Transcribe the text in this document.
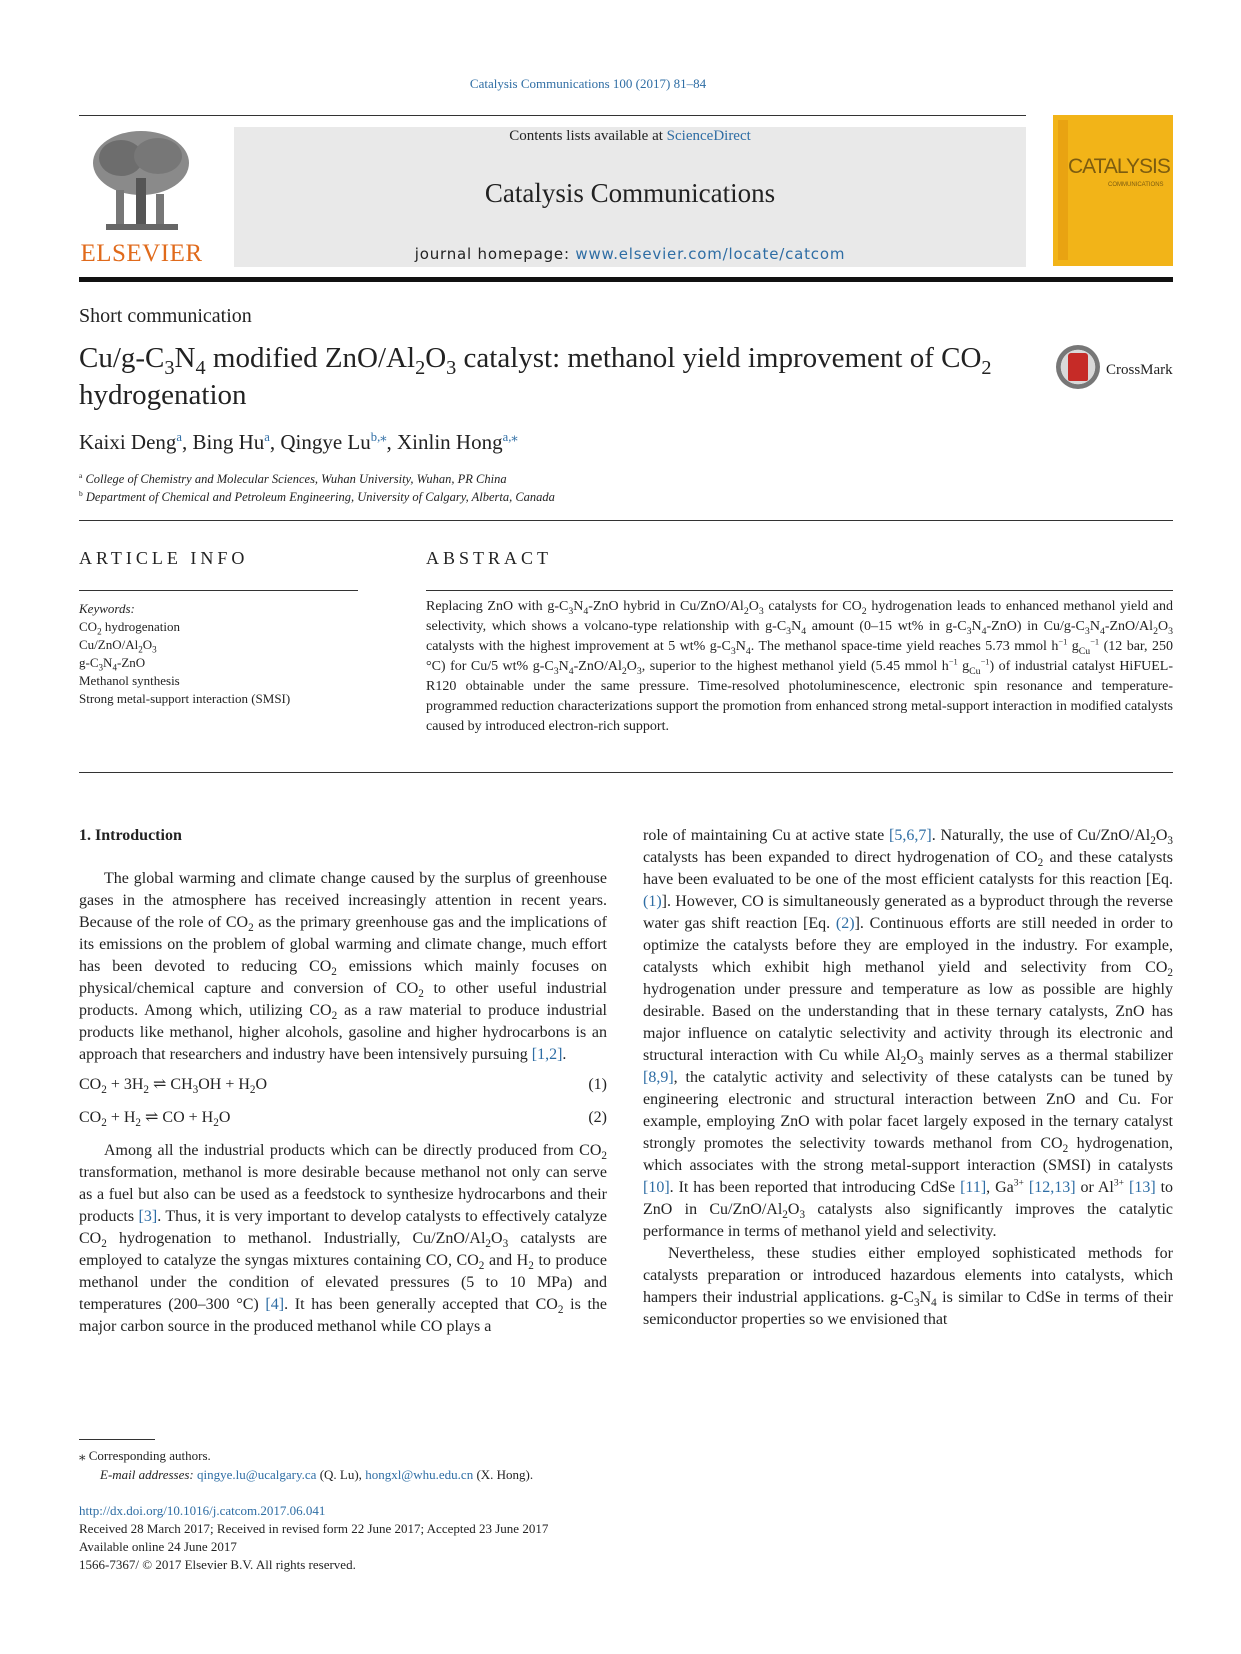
Catalysis Communications 100 (2017) 81–84
ELSEVIER
Contents lists available at ScienceDirect
Catalysis Communications
journal homepage: www.elsevier.com/locate/catcom
CATALYSIS
COMMUNICATIONS
Short communication
$Cu/g-C_3N_4$ modified ZnO/$Al_2O_3$ catalyst: methanol yield improvement of $CO_2$ hydrogenation
CrossMark
Kaixi Deng$^a$, Bing Hu$^a$, Qingye $Lu^{b,⁎}$, Xinlin Hong$^{a,⁎}$
$^a$ College of Chemistry and Molecular Sciences, Wuhan University, Wuhan, PR China
$^b$ Department of Chemical and Petroleum Engineering, University of Calgary, Alberta, Canada
ARTICLE INFO
Keywords:
$CO_2$ hydrogenation
$Cu/ZnO/Al_2O_3$
$g-C_3N_4$-ZnO
Methanol synthesis
Strong metal-support interaction (SMSI)
ABSTRACT
Replacing ZnO with $g-C_3N_4$-ZnO hybrid in $Cu/ZnO/Al_2O_3$ catalysts for $CO_2$ hydrogenation leads to enhanced methanol yield and selectivity, which shows a volcano-type relationship with $g-C_3N_4$ amount (0–15 wt% in $g-C_3N_4-ZnO$) in $Cu/g-C_3N_4-ZnO/Al_2O_3$ catalysts with the highest improvement at 5 wt% $g-C_3N_4$. The methanol space-time yield reaches 5.73 mmol $h^{-1}$ $g_{Cu}^{-1}$ (12 bar, 250 °C) for Cu/5 wt% $g-C_3N_4-ZnO/Al_2O_3$, superior to the highest methanol yield (5.45 mmol $h^{-1}$ $g_{Cu}^{-1}$) of industrial catalyst HiFUEL-R120 obtainable under the same pressure. Time-resolved photoluminescence, electronic spin resonance and temperature-programmed reduction characterizations support the promotion from enhanced strong metal-support interaction in modified catalysts caused by introduced electron-rich support.
1. Introduction

The global warming and climate change caused by the surplus of greenhouse gases in the atmosphere has received increasingly attention in recent years. Because of the role of $CO_2$ as the primary greenhouse gas and the implications of its emissions on the problem of global warming and climate change, much effort has been devoted to reducing $CO_2$ emissions which mainly focuses on physical/chemical capture and conversion of $CO_2$ to other useful industrial products. Among which, utilizing $CO_2$ as a raw material to produce industrial products like methanol, higher alcohols, gasoline and higher hydrocarbons is an approach that researchers and industry have been intensively pursuing [1,2].

$CO_2 + 3H_2$ ⇌ $CH_3OH + H_2O$	(1)
$CO_2 + H_2$ ⇌ CO + $H_2O$	(2)

Among all the industrial products which can be directly produced from $CO_2$ transformation, methanol is more desirable because methanol not only can serve as a fuel but also can be used as a feedstock to synthesize hydrocarbons and their products [3]. Thus, it is very important to develop catalysts to effectively catalyze $CO_2$ hydrogenation to methanol. Industrially, $Cu/ZnO/Al_2O_3$ catalysts are employed to catalyze the syngas mixtures containing CO, $CO_2$ and $H_2$ to produce methanol under the condition of elevated pressures (5 to 10 MPa) and temperatures (200–300 °C) [4]. It has been generally accepted that $CO_2$ is the major carbon source in the produced methanol while CO plays a

role of maintaining Cu at active state [5,6,7]. Naturally, the use of $Cu/ZnO/Al_2O_3$ catalysts has been expanded to direct hydrogenation of $CO_2$ and these catalysts have been evaluated to be one of the most efficient catalysts for this reaction [Eq. (1)]. However, CO is simultaneously generated as a byproduct through the reverse water gas shift reaction [Eq. (2)]. Continuous efforts are still needed in order to optimize the catalysts before they are employed in the industry. For example, catalysts which exhibit high methanol yield and selectivity from $CO_2$ hydrogenation under pressure and temperature as low as possible are highly desirable. Based on the understanding that in these ternary catalysts, ZnO has major influence on catalytic selectivity and activity through its electronic and structural interaction with Cu while $Al_2O_3$ mainly serves as a thermal stabilizer [8,9], the catalytic activity and selectivity of these catalysts can be tuned by engineering electronic and structural interaction between ZnO and Cu. For example, employing ZnO with polar facet largely exposed in the ternary catalyst strongly promotes the selectivity towards methanol from $CO_2$ hydrogenation, which associates with the strong metal-support interaction (SMSI) in catalysts [10]. It has been reported that introducing CdSe [11], $Ga^{3+}$ [12,13] or $Al^{3+}$ [13] to ZnO in $Cu/ZnO/Al_2O_3$ catalysts also significantly improves the catalytic performance in terms of methanol yield and selectivity.

Nevertheless, these studies either employed sophisticated methods for catalysts preparation or introduced hazardous elements into catalysts, which hampers their industrial applications. $g-C_3N_4$ is similar to CdSe in terms of their semiconductor properties so we envisioned that

⁎ Corresponding authors.
E-mail addresses: qingye.lu@ucalgary.ca (Q. Lu), hongxl@whu.edu.cn (X. Hong).
http://dx.doi.org/10.1016/j.catcom.2017.06.041
Received 28 March 2017; Received in revised form 22 June 2017; Accepted 23 June 2017
Available online 24 June 2017
1566-7367/ © 2017 Elsevier B.V. All rights reserved.
